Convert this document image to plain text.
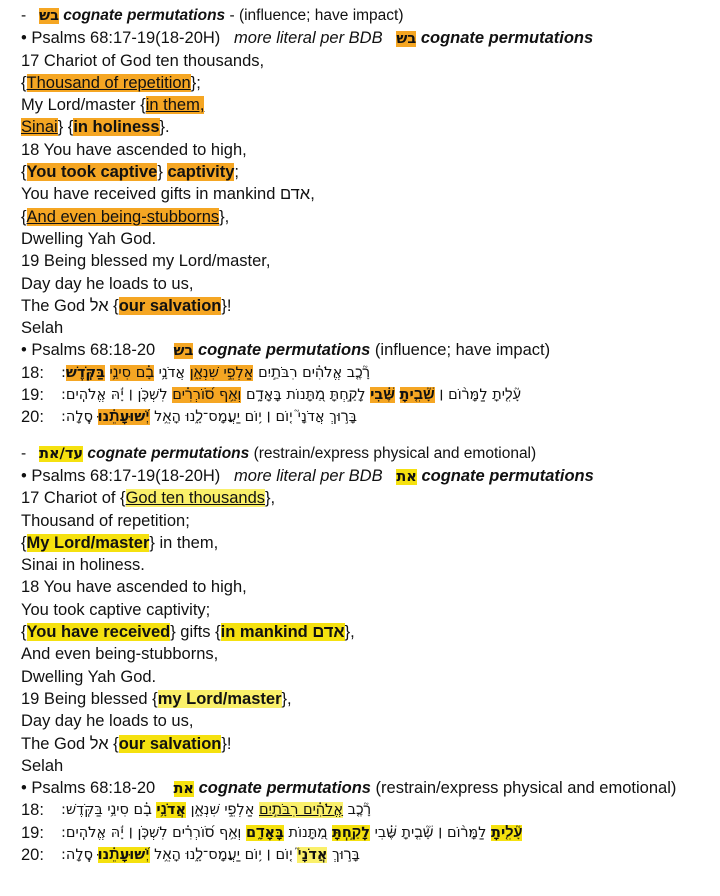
- בש cognate permutations - (influence; have impact)
• Psalms 68:17-19(18-20H) more literal per BDB בש cognate permutations
17 Chariot of God ten thousands,
{Thousand of repetition};
My Lord/master {in them,
Sinai} {in holiness}.
18 You have ascended to high,
{You took captive} captivity;
You have received gifts in mankind אדם,
{And even being-stubborns},
Dwelling Yah God.
19 Being blessed my Lord/master,
Day day he loads to us,
The God אל {our salvation}!
Selah
• Psalms 68:18-20 בש cognate permutations (influence; have impact)
18:	רָ֘כֶ֤ב אֱלֹהִ֗ים רִבֹּתַ֣יִם אַלְפֵ֣י שִׁנְאָ֑ן אֲדֹנָ֥י בָ֗ם סִינַ֥י בַּקֹּֽדֶשׁ:
19:	עָ֘לִ֤יתָ לַמָּר֨וֹם ׀ שָׁ֘בִ֤יתָ שֶּׁ֗בִי לָקַ֣חְתָּ מַ֭תָּנוֹת בָּאָדָ֑ם וְאַ֥ף סֹ֝וֹרְרִ֗ים לִשְׁכֹּ֤ן ׀ יָ֬הּ אֱלֹהִֽים:
20:	בָּר֣וּךְ אֲדֹנָי֮ י֤וֹם ׀ י֥וֹם יַעֲמָס־לָ֑נוּ הָאֵ֥ל יְ֝שׁוּעָתֵ֗נוּ סֶֽלָה:
- עד/את cognate permutations (restrain/express physical and emotional)
• Psalms 68:17-19(18-20H) more literal per BDB את cognate permutations
17 Chariot of {God ten thousands},
Thousand of repetition;
{My Lord/master} in them,
Sinai in holiness.
18 You have ascended to high,
You took captive captivity;
{You have received} gifts {in mankind אדם},
And even being-stubborns,
Dwelling Yah God.
19 Being blessed {my Lord/master},
Day day he loads to us,
The God אל {our salvation}!
Selah
• Psalms 68:18-20 את cognate permutations (restrain/express physical and emotional)
18:	רָ֘כֶ֤ב אֱלֹהִ֗ים רִבֹּתַ֣יִם אַלְפֵ֣י שִׁנְאָ֑ן אֲדֹנָ֥י בָ֗ם סִינַ֥י בַּקֹּֽדֶשׁ:
19:	עָ֘לִ֤יתָ לַמָּר֨וֹם ׀ שָׁ֘בִ֤יתָ שֶּׁ֗בִי לָקַ֣חְתָּ מַ֭תָּנוֹת בָּאָדָ֑ם וְאַ֥ף סֹ֝וֹרְרִ֗ים לִשְׁכֹּ֤ן ׀ יָ֬הּ אֱלֹהִֽים:
20:	בָּר֣וּךְ אֲדֹנָי֮ י֤וֹם ׀ י֥וֹם יַעֲמָס־לָ֑נוּ הָאֵ֥ל יְ֝שׁוּעָתֵ֗נוּ סֶֽלָה:
